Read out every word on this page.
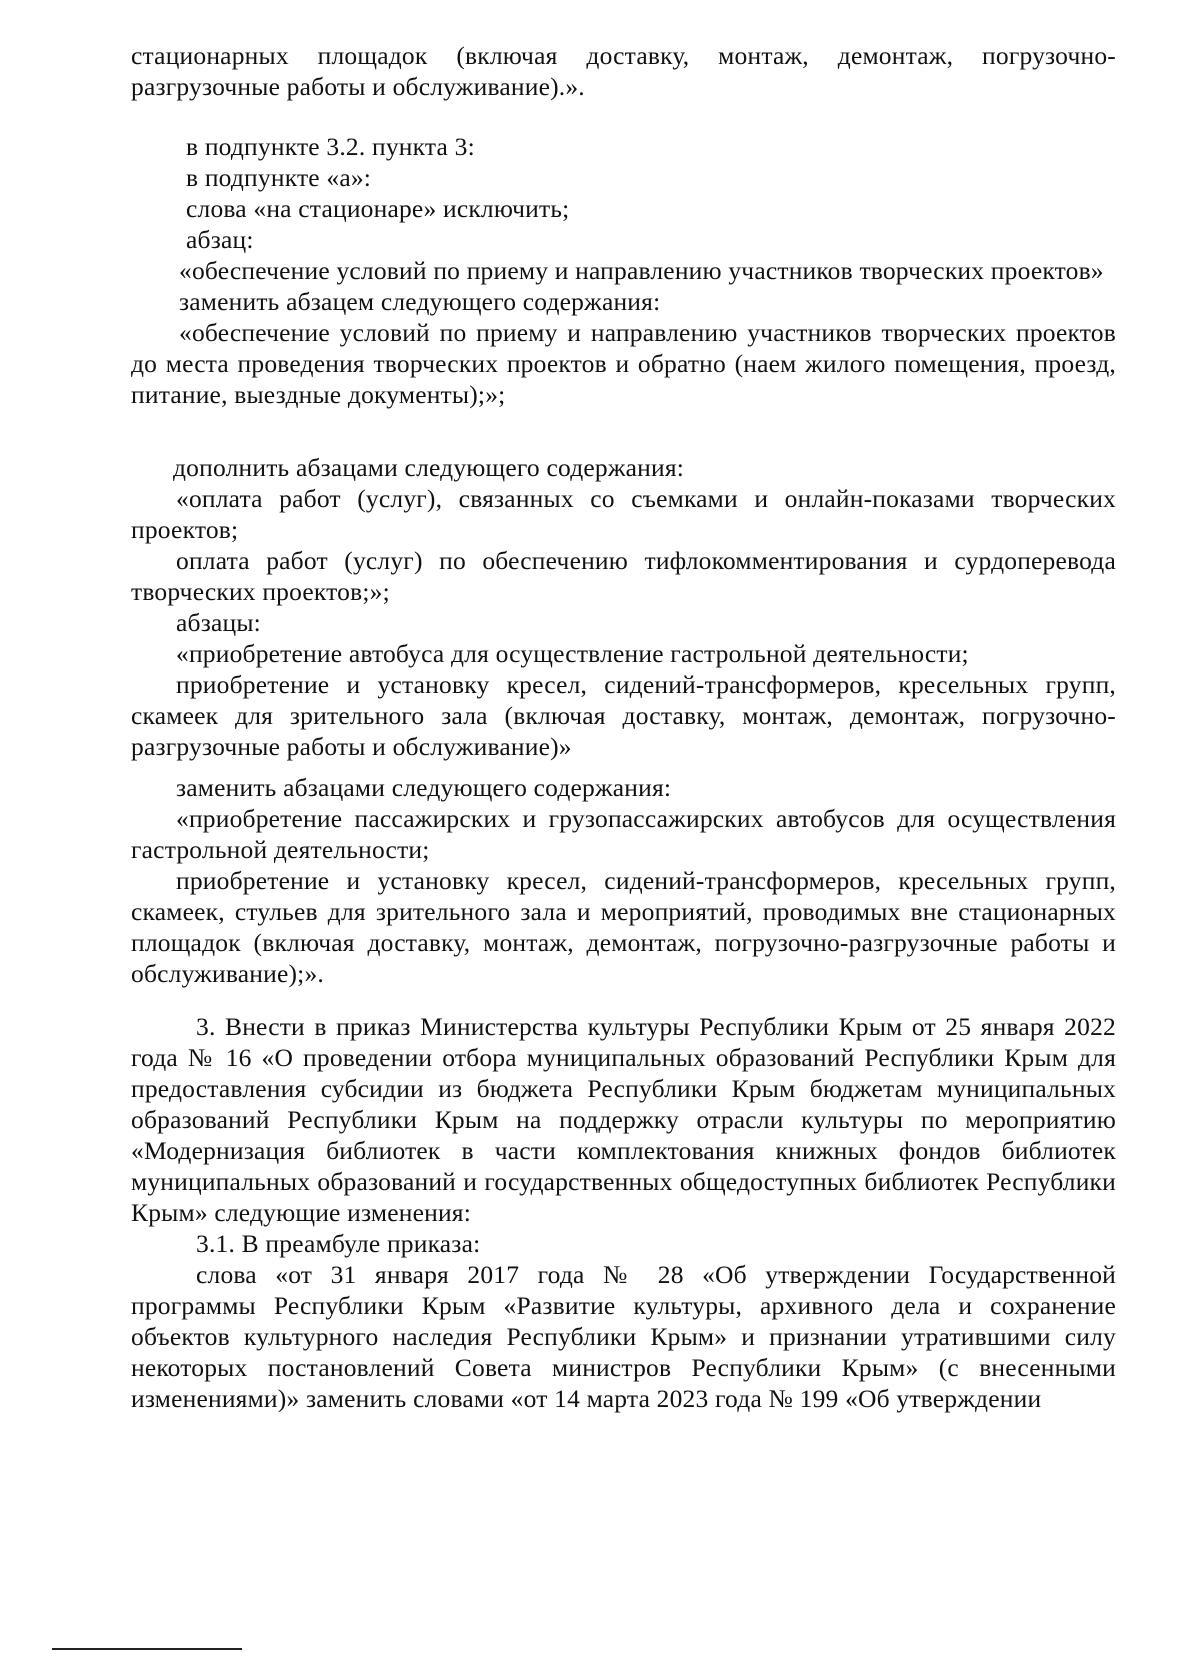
стационарных площадок (включая доставку, монтаж, демонтаж, погрузочно-разгрузочные работы и обслуживание).».

в подпункте 3.2. пункта 3:

в подпункте «а»:

слова «на стационаре» исключить;

абзац:

«обеспечение условий по приему и направлению участников творческих проектов»

заменить абзацем следующего содержания:

«обеспечение условий по приему и направлению участников творческих проектов до места проведения творческих проектов и обратно (наем жилого помещения, проезд, питание, выездные документы);»;

дополнить абзацами следующего содержания:

«оплата работ (услуг), связанных со съемками и онлайн-показами творческих проектов;

оплата работ (услуг) по обеспечению тифлокомментирования и сурдоперевода творческих проектов;»;

абзацы:

«приобретение автобуса для осуществление гастрольной деятельности;

приобретение и установку кресел, сидений-трансформеров, кресельных групп, скамеек для зрительного зала (включая доставку, монтаж, демонтаж, погрузочно-разгрузочные работы и обслуживание)»

заменить абзацами следующего содержания:

«приобретение пассажирских и грузопассажирских автобусов для осуществления гастрольной деятельности;

приобретение и установку кресел, сидений-трансформеров, кресельных групп, скамеек, стульев для зрительного зала и мероприятий, проводимых вне стационарных площадок (включая доставку, монтаж, демонтаж, погрузочно-разгрузочные работы и обслуживание);».

3. Внести в приказ Министерства культуры Республики Крым от 25 января 2022 года № 16 «О проведении отбора муниципальных образований Республики Крым для предоставления субсидии из бюджета Республики Крым бюджетам муниципальных образований Республики Крым на поддержку отрасли культуры по мероприятию «Модернизация библиотек в части комплектования книжных фондов библиотек муниципальных образований и государственных общедоступных библиотек Республики Крым» следующие изменения:

3.1. В преамбуле приказа:

слова «от 31 января 2017 года № 28 «Об утверждении Государственной программы Республики Крым «Развитие культуры, архивного дела и сохранение объектов культурного наследия Республики Крым» и признании утратившими силу некоторых постановлений Совета министров Республики Крым» (с внесенными изменениями)» заменить словами «от 14 марта 2023 года № 199 «Об утверждении
